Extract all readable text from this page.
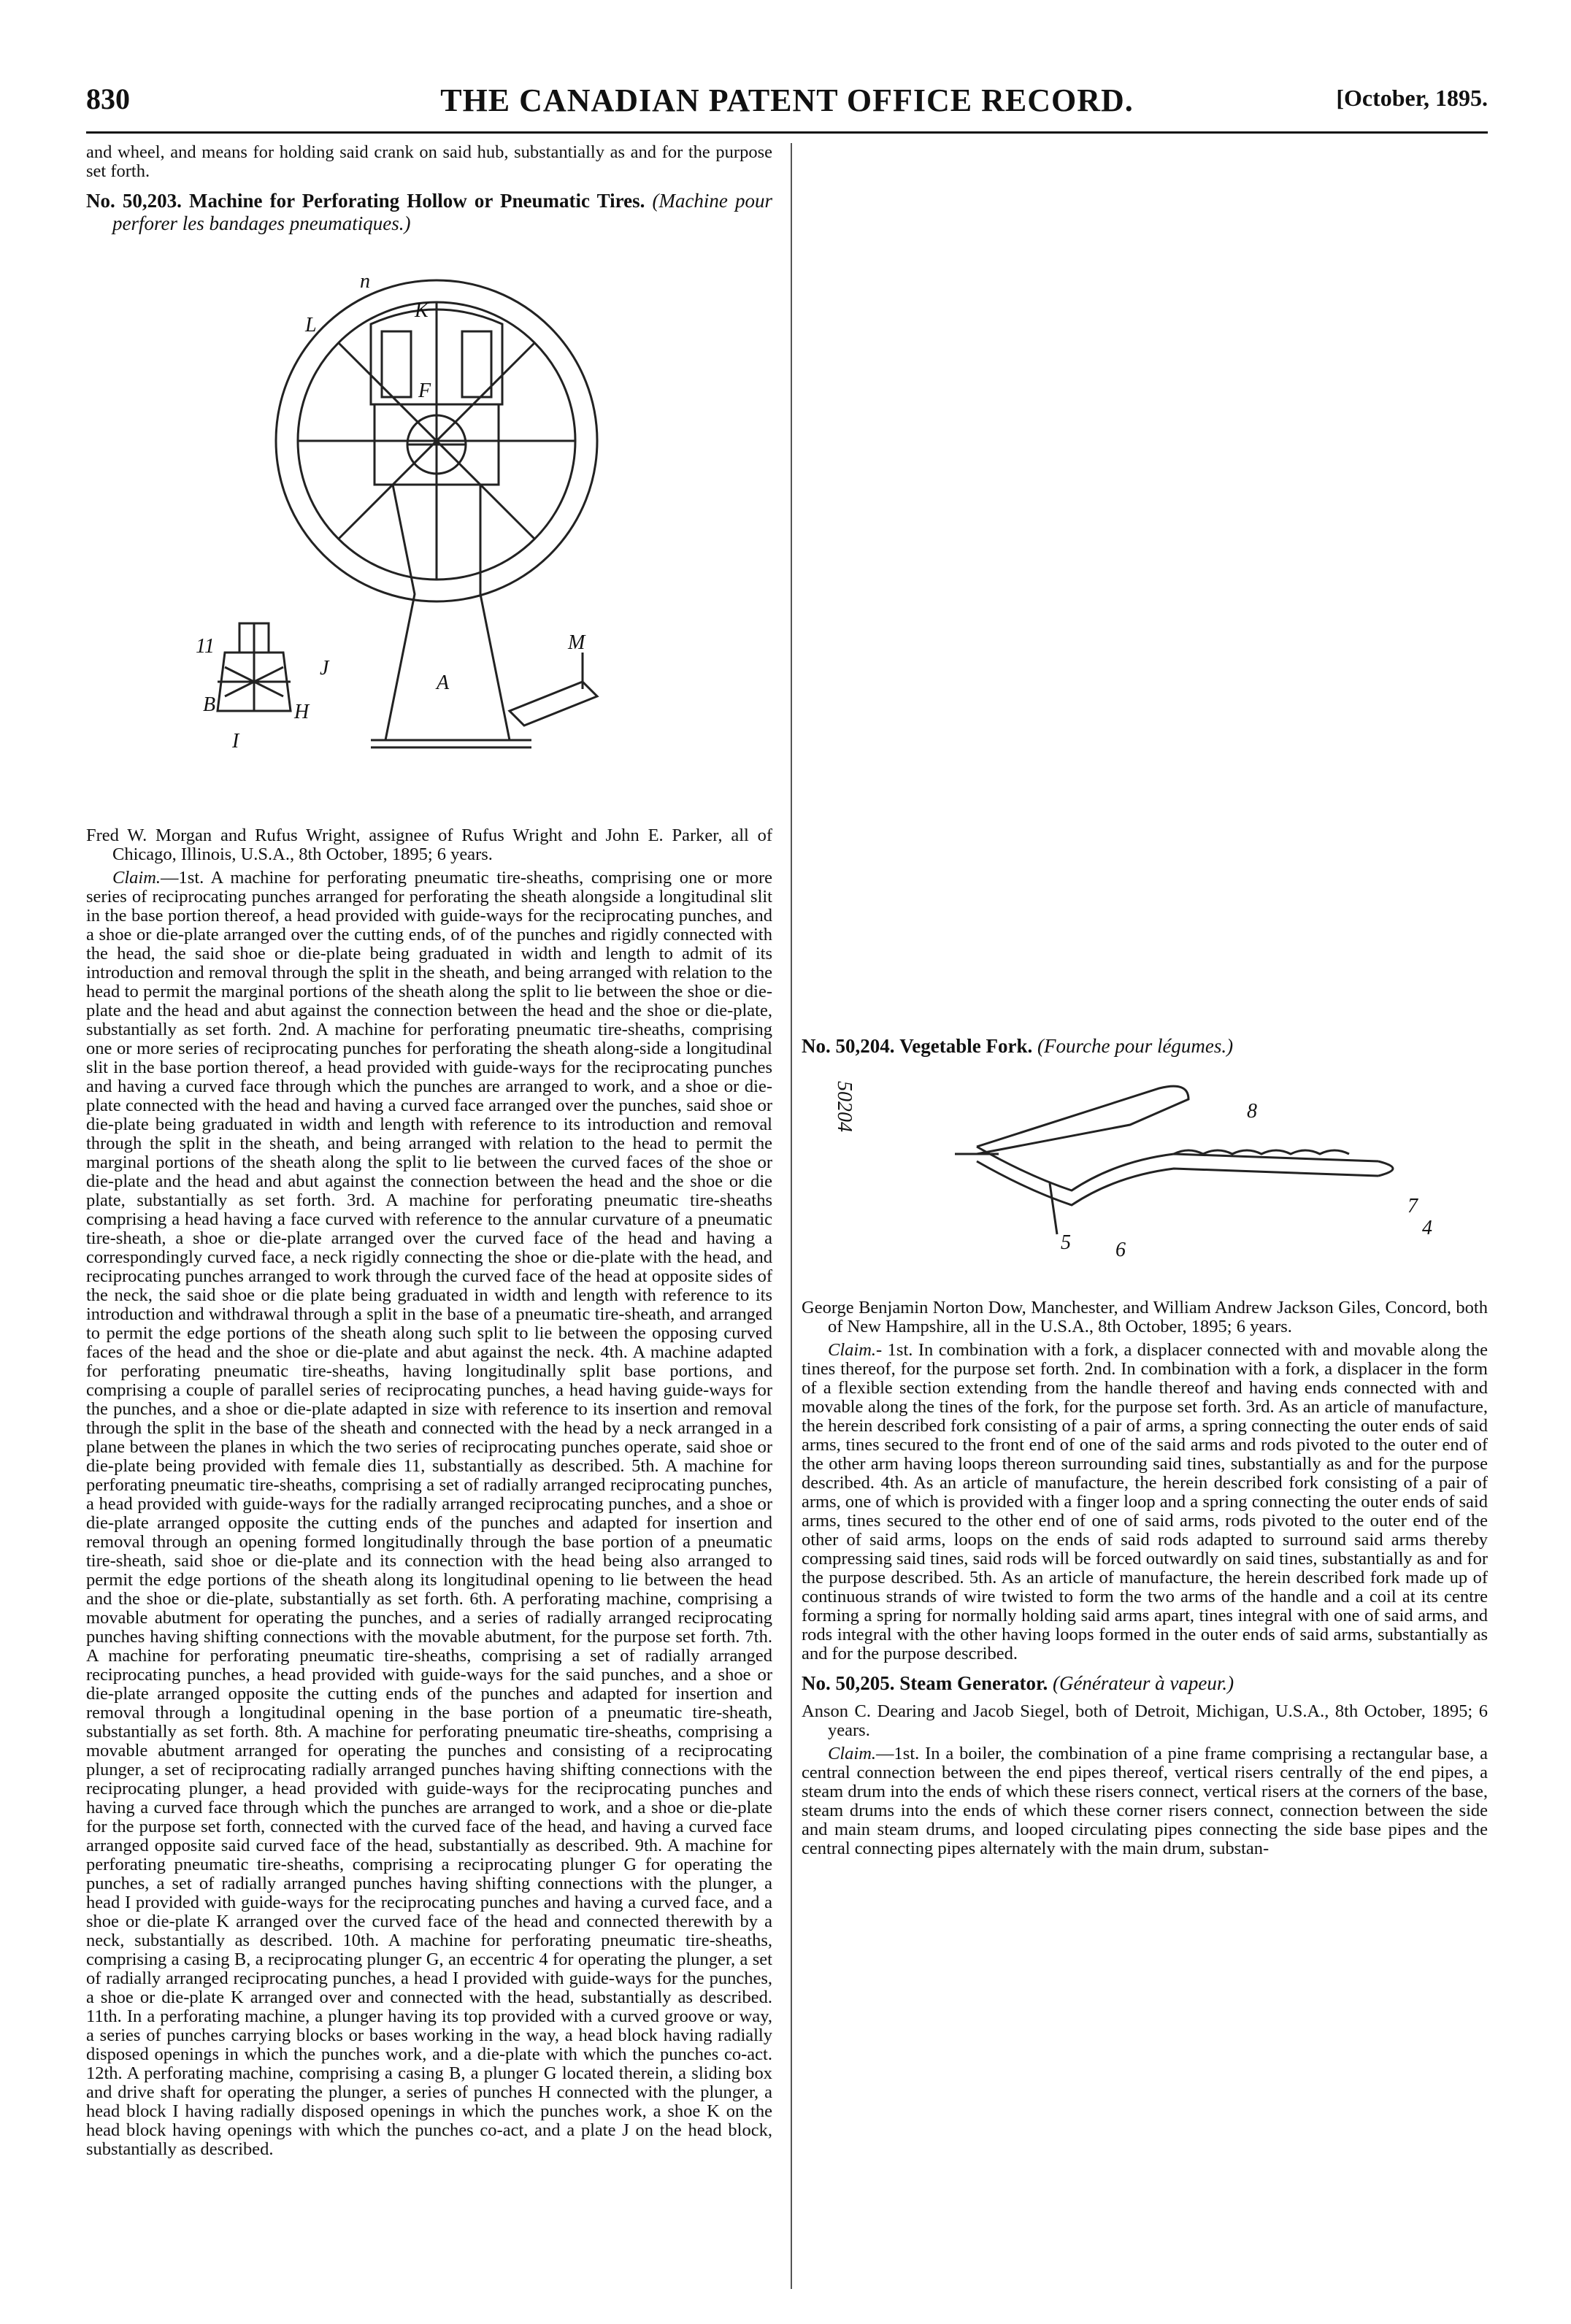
830	THE CANADIAN PATENT OFFICE RECORD.	[October, 1895.

and wheel, and means for holding said crank on said hub, substantially as and for the purpose set forth.

No. 50,203. Machine for Perforating Hollow or Pneumatic Tires. (Machine pour perforer les bandages pneumatiques.)
n
K
L
F
M
A
J
B	H
11
I

Fred W. Morgan and Rufus Wright, assignee of Rufus Wright and John E. Parker, all of Chicago, Illinois, U.S.A., 8th October, 1895; 6 years.

Claim.—1st. A machine for perforating pneumatic tire-sheaths, comprising one or more series of reciprocating punches arranged for perforating the sheath alongside a longitudinal slit in the base portion thereof, a head provided with guide-ways for the reciprocating punches, and a shoe or die-plate arranged over the cutting ends, of of the punches and rigidly connected with the head, the said shoe or die-plate being graduated in width and length to admit of its introduction and removal through the split in the sheath, and being arranged with relation to the head to permit the marginal portions of the sheath along the split to lie between the shoe or die-plate and the head and abut against the connection between the head and the shoe or die-plate, substantially as set forth. 2nd. A machine for perforating pneumatic tire-sheaths, comprising one or more series of reciprocating punches for perforating the sheath along-side a longitudinal slit in the base portion thereof, a head provided with guide-ways for the reciprocating punches and having a curved face through which the punches are arranged to work, and a shoe or die-plate connected with the head and having a curved face arranged over the punches, said shoe or die-plate being graduated in width and length with reference to its introduction and removal through the split in the sheath, and being arranged with relation to the head to permit the marginal portions of the sheath along the split to lie between the curved faces of the shoe or die-plate and the head and abut against the connection between the head and the shoe or die plate, substantially as set forth. 3rd. A machine for perforating pneumatic tire-sheaths comprising a head having a face curved with reference to the annular curvature of a pneumatic tire-sheath, a shoe or die-plate arranged over the curved face of the head and having a correspondingly curved face, a neck rigidly connecting the shoe or die-plate with the head, and reciprocating punches arranged to work through the curved face of the head at opposite sides of the neck, the said shoe or die plate being graduated in width and length with reference to its introduction and withdrawal through a split in the base of a pneumatic tire-sheath, and arranged to permit the edge portions of the sheath along such split to lie between the opposing curved faces of the head and the shoe or die-plate and abut against the neck. 4th. A machine adapted for perforating pneumatic tire-sheaths, having longitudinally split base portions, and comprising a couple of parallel series of reciprocating punches, a head having guide-ways for the punches, and a shoe or die-plate adapted in size with reference to its insertion and removal through the split in the base of the sheath and connected with the head by a neck arranged in a plane between the planes in which the two series of reciprocating punches operate, said shoe or die-plate being provided with female dies 11, substantially as described. 5th. A machine for perforating pneumatic tire-sheaths, comprising a set of radially arranged reciprocating punches, a head provided with guide-ways for the radially arranged reciprocating punches, and a shoe or die-plate arranged opposite the cutting ends of the punches and adapted for insertion and removal through an opening formed longitudinally through the base portion of a pneumatic tire-sheath, said shoe or die-plate and its connection with the head being also arranged to permit the edge portions of the sheath along its longitudinal opening to lie between the head and the shoe or die-plate, substantially as set forth. 6th. A perforating machine, comprising a movable abutment for operating the punches, and a series of radially arranged reciprocating punches having shifting connections with the movable abutment, for the purpose set forth. 7th. A machine for perforating pneumatic tire-sheaths, comprising a set of radially arranged reciprocating punches, a head provided with guide-ways for the said punches, and a shoe or die-plate arranged opposite the cutting ends of the punches and adapted for insertion and removal through a longitudinal opening in the base portion of a pneumatic tire-sheath, substantially as set forth. 8th. A machine for perforating pneumatic tire-sheaths, comprising a movable abutment arranged for operating the punches and consisting of a reciprocating plunger, a set of reciprocating radially arranged punches having shifting connections with the reciprocating plunger, a head provided with guide-ways for the reciprocating punches and having a curved face through which the punches are arranged to work, and a shoe or die-plate for the purpose set forth, connected with the curved face of the head, and having a curved face arranged opposite said curved face of the head, substantially as described. 9th. A machine for perforating pneumatic tire-sheaths, comprising a reciprocating plunger G for operating the punches, a set of radially arranged punches having shifting connections with the plunger, a head I provided with guide-ways for the reciprocating punches and having a curved face, and a shoe or die-plate K arranged over the curved face of the head and connected therewith by a neck, substantially as described. 10th. A machine for perforating pneumatic tire-sheaths, comprising a casing B, a reciprocating plunger G, an eccentric 4 for operating the plunger, a set of radially arranged reciprocating punches, a head I provided with guide-ways for the punches, a shoe or die-plate K arranged over and connected with the head, substantially as described. 11th. In a perforating machine, a plunger having its top provided with a curved groove or way, a series of punches carrying blocks or bases working in the way, a head block having radially disposed openings in which the punches work, and a die-plate with which the punches co-act. 12th. A perforating machine, comprising a casing B, a plunger G located therein, a sliding box and drive shaft for operating the plunger, a series of punches H connected with the plunger, a head block I having radially disposed openings in which the punches work, a shoe K on the head block having openings with which the punches co-act, and a plate J on the head block, substantially as described.

No. 50,204. Vegetable Fork. (Fourche pour légumes.)
50204
6
5
8
7
4

George Benjamin Norton Dow, Manchester, and William Andrew Jackson Giles, Concord, both of New Hampshire, all in the U.S.A., 8th October, 1895; 6 years.

Claim.- 1st. In combination with a fork, a displacer connected with and movable along the tines thereof, for the purpose set forth. 2nd. In combination with a fork, a displacer in the form of a flexible section extending from the handle thereof and having ends connected with and movable along the tines of the fork, for the purpose set forth. 3rd. As an article of manufacture, the herein described fork consisting of a pair of arms, a spring connecting the outer ends of said arms, tines secured to the front end of one of the said arms and rods pivoted to the outer end of the other arm having loops thereon surrounding said tines, substantially as and for the purpose described. 4th. As an article of manufacture, the herein described fork consisting of a pair of arms, one of which is provided with a finger loop and a spring connecting the outer ends of said arms, tines secured to the other end of one of said arms, rods pivoted to the outer end of the other of said arms, loops on the ends of said rods adapted to surround said arms thereby compressing said tines, said rods will be forced outwardly on said tines, substantially as and for the purpose described. 5th. As an article of manufacture, the herein described fork made up of continuous strands of wire twisted to form the two arms of the handle and a coil at its centre forming a spring for normally holding said arms apart, tines integral with one of said arms, and rods integral with the other having loops formed in the outer ends of said arms, substantially as and for the purpose described.

No. 50,205. Steam Generator. (Générateur à vapeur.)

Anson C. Dearing and Jacob Siegel, both of Detroit, Michigan, U.S.A., 8th October, 1895; 6 years.

Claim.—1st. In a boiler, the combination of a pine frame comprising a rectangular base, a central connection between the end pipes thereof, vertical risers centrally of the end pipes, a steam drum into the ends of which these risers connect, vertical risers at the corners of the base, steam drums into the ends of which these corner risers connect, connection between the side and main steam drums, and looped circulating pipes connecting the side base pipes and the central connecting pipes alternately with the main drum, substan-
